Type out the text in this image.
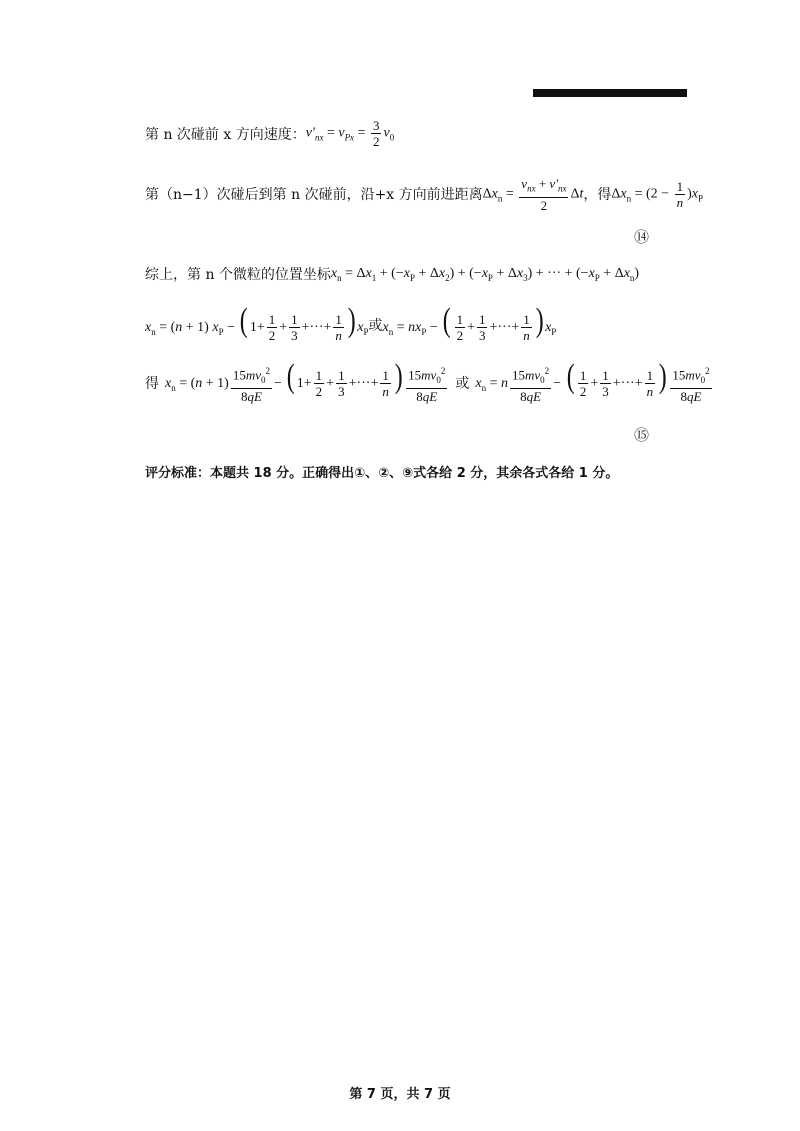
第 n 次碰前 x 方向速度： $v'_{nx} = v_{Px} = \frac{3}{2} v_0$
第（n−1）次碰后到第 n 次碰前，沿+x 方向前进距离 $\Delta x_n = \frac{v_{nx} + v'_{nx}}{2}$ Δt ，得 $\Delta x_n = (2 - \frac{1}{n} )x_P$
⑭
综上，第 n 个微粒的位置坐标 $x_n = \Delta x_1 + (-x_P + \Delta x_2) + (-x_P + \Delta x_3)$ + ··· + $(-x_P + \Delta x_n)$
$x_n = (n + 1) x_P$ − ( $1+ \frac{1}{2} + \frac{1}{3}$ +···+ $\frac{1}{n}$ ) $x_P$ 或 $x_n = nx_P$ − ( $\frac{1}{2} + \frac{1}{3}$ +···+ $\frac{1}{n}$ ) $x_P$
得 $x_n = (n + 1) \frac{15mv_0^2}{8qE}$ − ( $1+ \frac{1}{2} + \frac{1}{3}$ +···+ $\frac{1}{n}$ ) $\frac{15mv_0^2}{8qE}$ 或 $x_n = n \frac{15mv_0^2}{8qE}$ − ( $\frac{1}{2} + \frac{1}{3}$ +···+ $\frac{1}{n}$ ) $\frac{15mv_0^2}{8qE}$
⑮
评分标准：本题共 18 分。正确得出①、②、⑨式各给 2 分，其余各式各给 1 分。
第 7 页，共 7 页
